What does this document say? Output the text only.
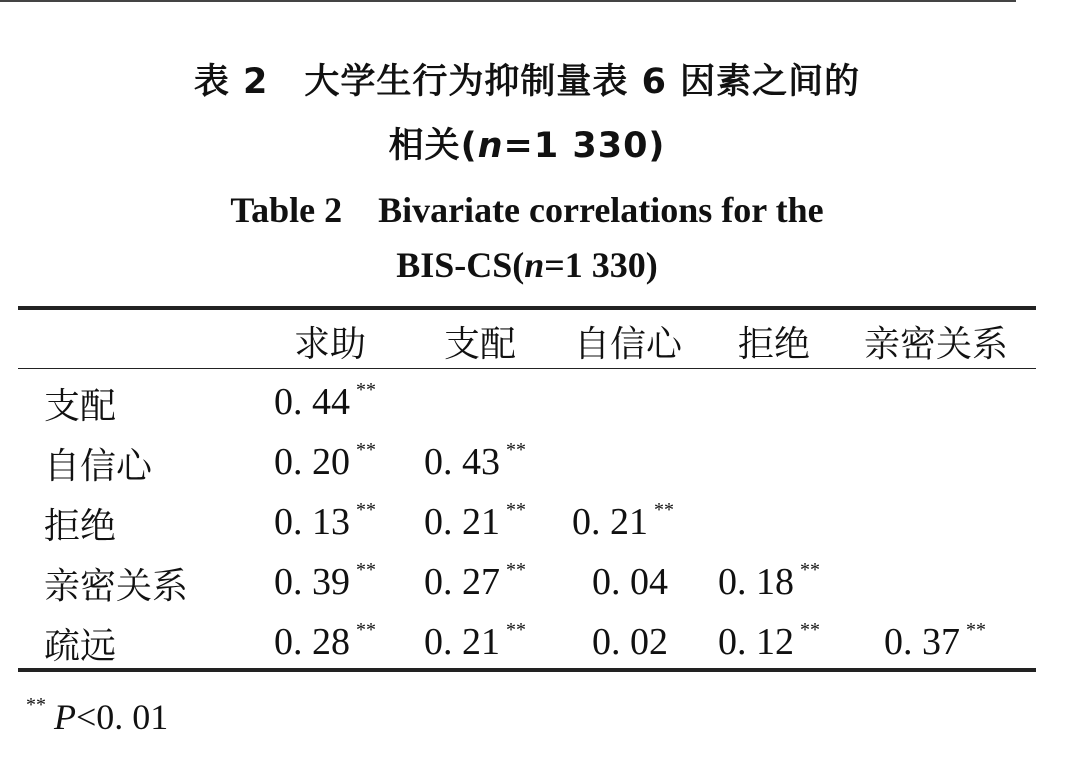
表 2　大学生行为抑制量表 6 因素之间的
相关(n=1 330)
Table 2　Bivariate correlations for the
BIS-CS(n=1 330)
求助 支配 自信心 拒绝 亲密关系
支配	0. 44 **
自信心	0. 20 ** 0. 43 **
拒绝	0. 13 ** 0. 21 ** 0. 21 **
亲密关系 0. 39 ** 0. 27 ** 0. 04 0. 18 **
疏远	0. 28 ** 0. 21 ** 0. 02 0. 12 ** 0. 37 **
** P<0. 01
